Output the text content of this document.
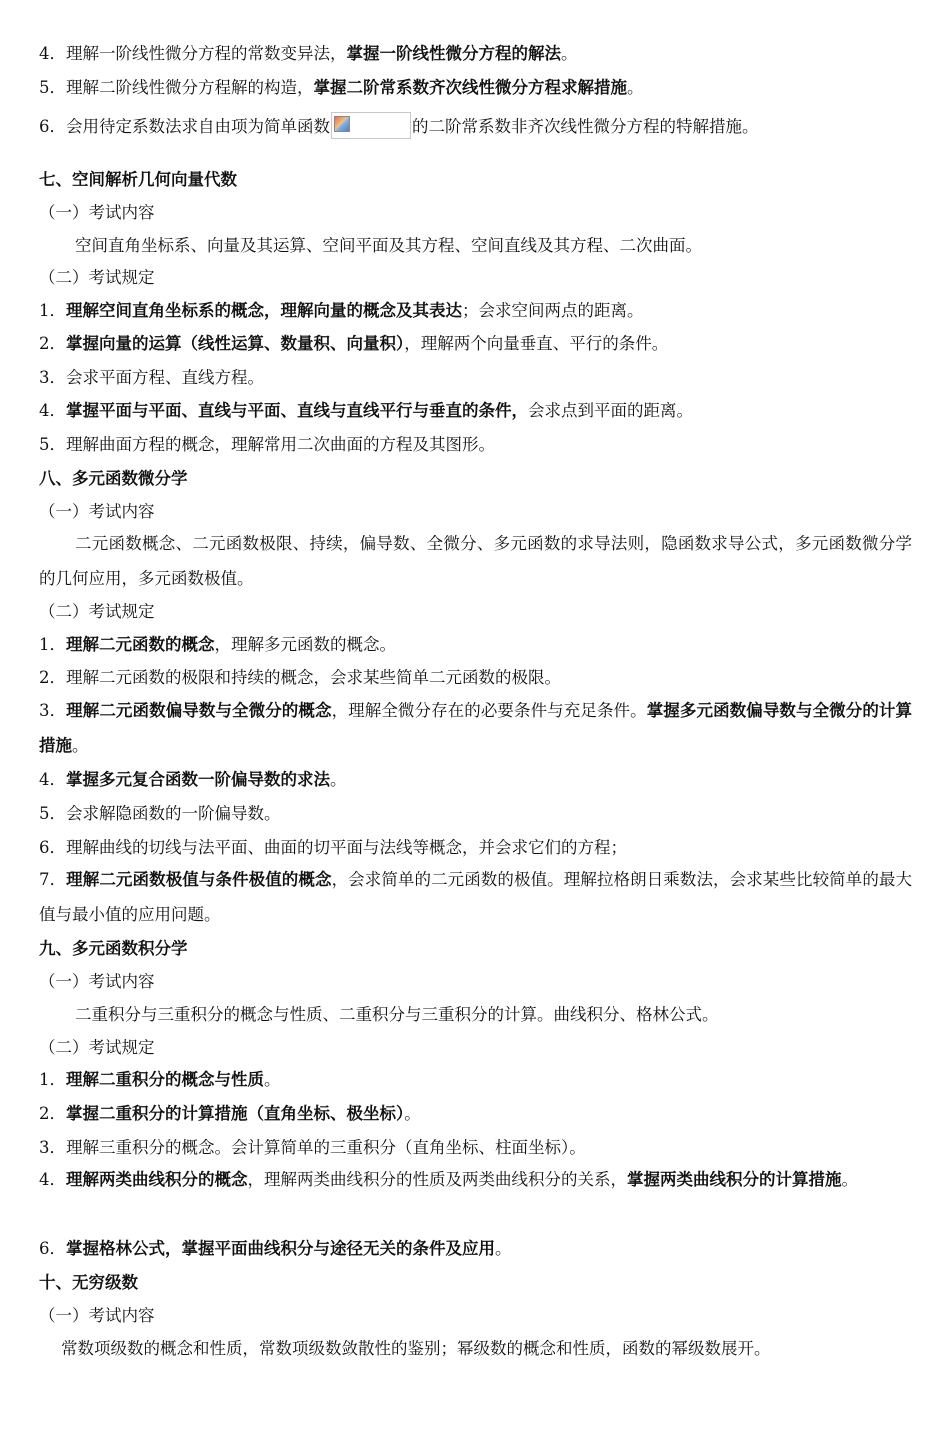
4．理解一阶线性微分方程的常数变异法，掌握一阶线性微分方程的解法。
5．理解二阶线性微分方程解的构造，掌握二阶常系数齐次线性微分方程求解措施。
6．会用待定系数法求自由项为简单函数	的二阶常系数非齐次线性微分方程的特解措施。
七、空间解析几何向量代数
（一）考试内容
空间直角坐标系、向量及其运算、空间平面及其方程、空间直线及其方程、二次曲面。
（二）考试规定
1．理解空间直角坐标系的概念，理解向量的概念及其表达；会求空间两点的距离。
2．掌握向量的运算（线性运算、数量积、向量积），理解两个向量垂直、平行的条件。
3．会求平面方程、直线方程。
4．掌握平面与平面、直线与平面、直线与直线平行与垂直的条件，会求点到平面的距离。
5．理解曲面方程的概念，理解常用二次曲面的方程及其图形。
八、多元函数微分学
（一）考试内容
二元函数概念、二元函数极限、持续，偏导数、全微分、多元函数的求导法则，隐函数求导公式，多元函数微分学的几何应用，多元函数极值。
（二）考试规定
1．理解二元函数的概念，理解多元函数的概念。
2．理解二元函数的极限和持续的概念，会求某些简单二元函数的极限。
3．理解二元函数偏导数与全微分的概念，理解全微分存在的必要条件与充足条件。掌握多元函数偏导数与全微分的计算措施。
4．掌握多元复合函数一阶偏导数的求法。
5．会求解隐函数的一阶偏导数。
6．理解曲线的切线与法平面、曲面的切平面与法线等概念，并会求它们的方程；
7．理解二元函数极值与条件极值的概念，会求简单的二元函数的极值。理解拉格朗日乘数法，会求某些比较简单的最大值与最小值的应用问题。
九、多元函数积分学
（一）考试内容
二重积分与三重积分的概念与性质、二重积分与三重积分的计算。曲线积分、格林公式。
（二）考试规定
1．理解二重积分的概念与性质。
2．掌握二重积分的计算措施（直角坐标、极坐标）。
3．理解三重积分的概念。会计算简单的三重积分（直角坐标、柱面坐标）。
4．理解两类曲线积分的概念，理解两类曲线积分的性质及两类曲线积分的关系，掌握两类曲线积分的计算措施。
6．掌握格林公式，掌握平面曲线积分与途径无关的条件及应用。
十、无穷级数
（一）考试内容
常数项级数的概念和性质，常数项级数敛散性的鉴别；幂级数的概念和性质，函数的幂级数展开。
